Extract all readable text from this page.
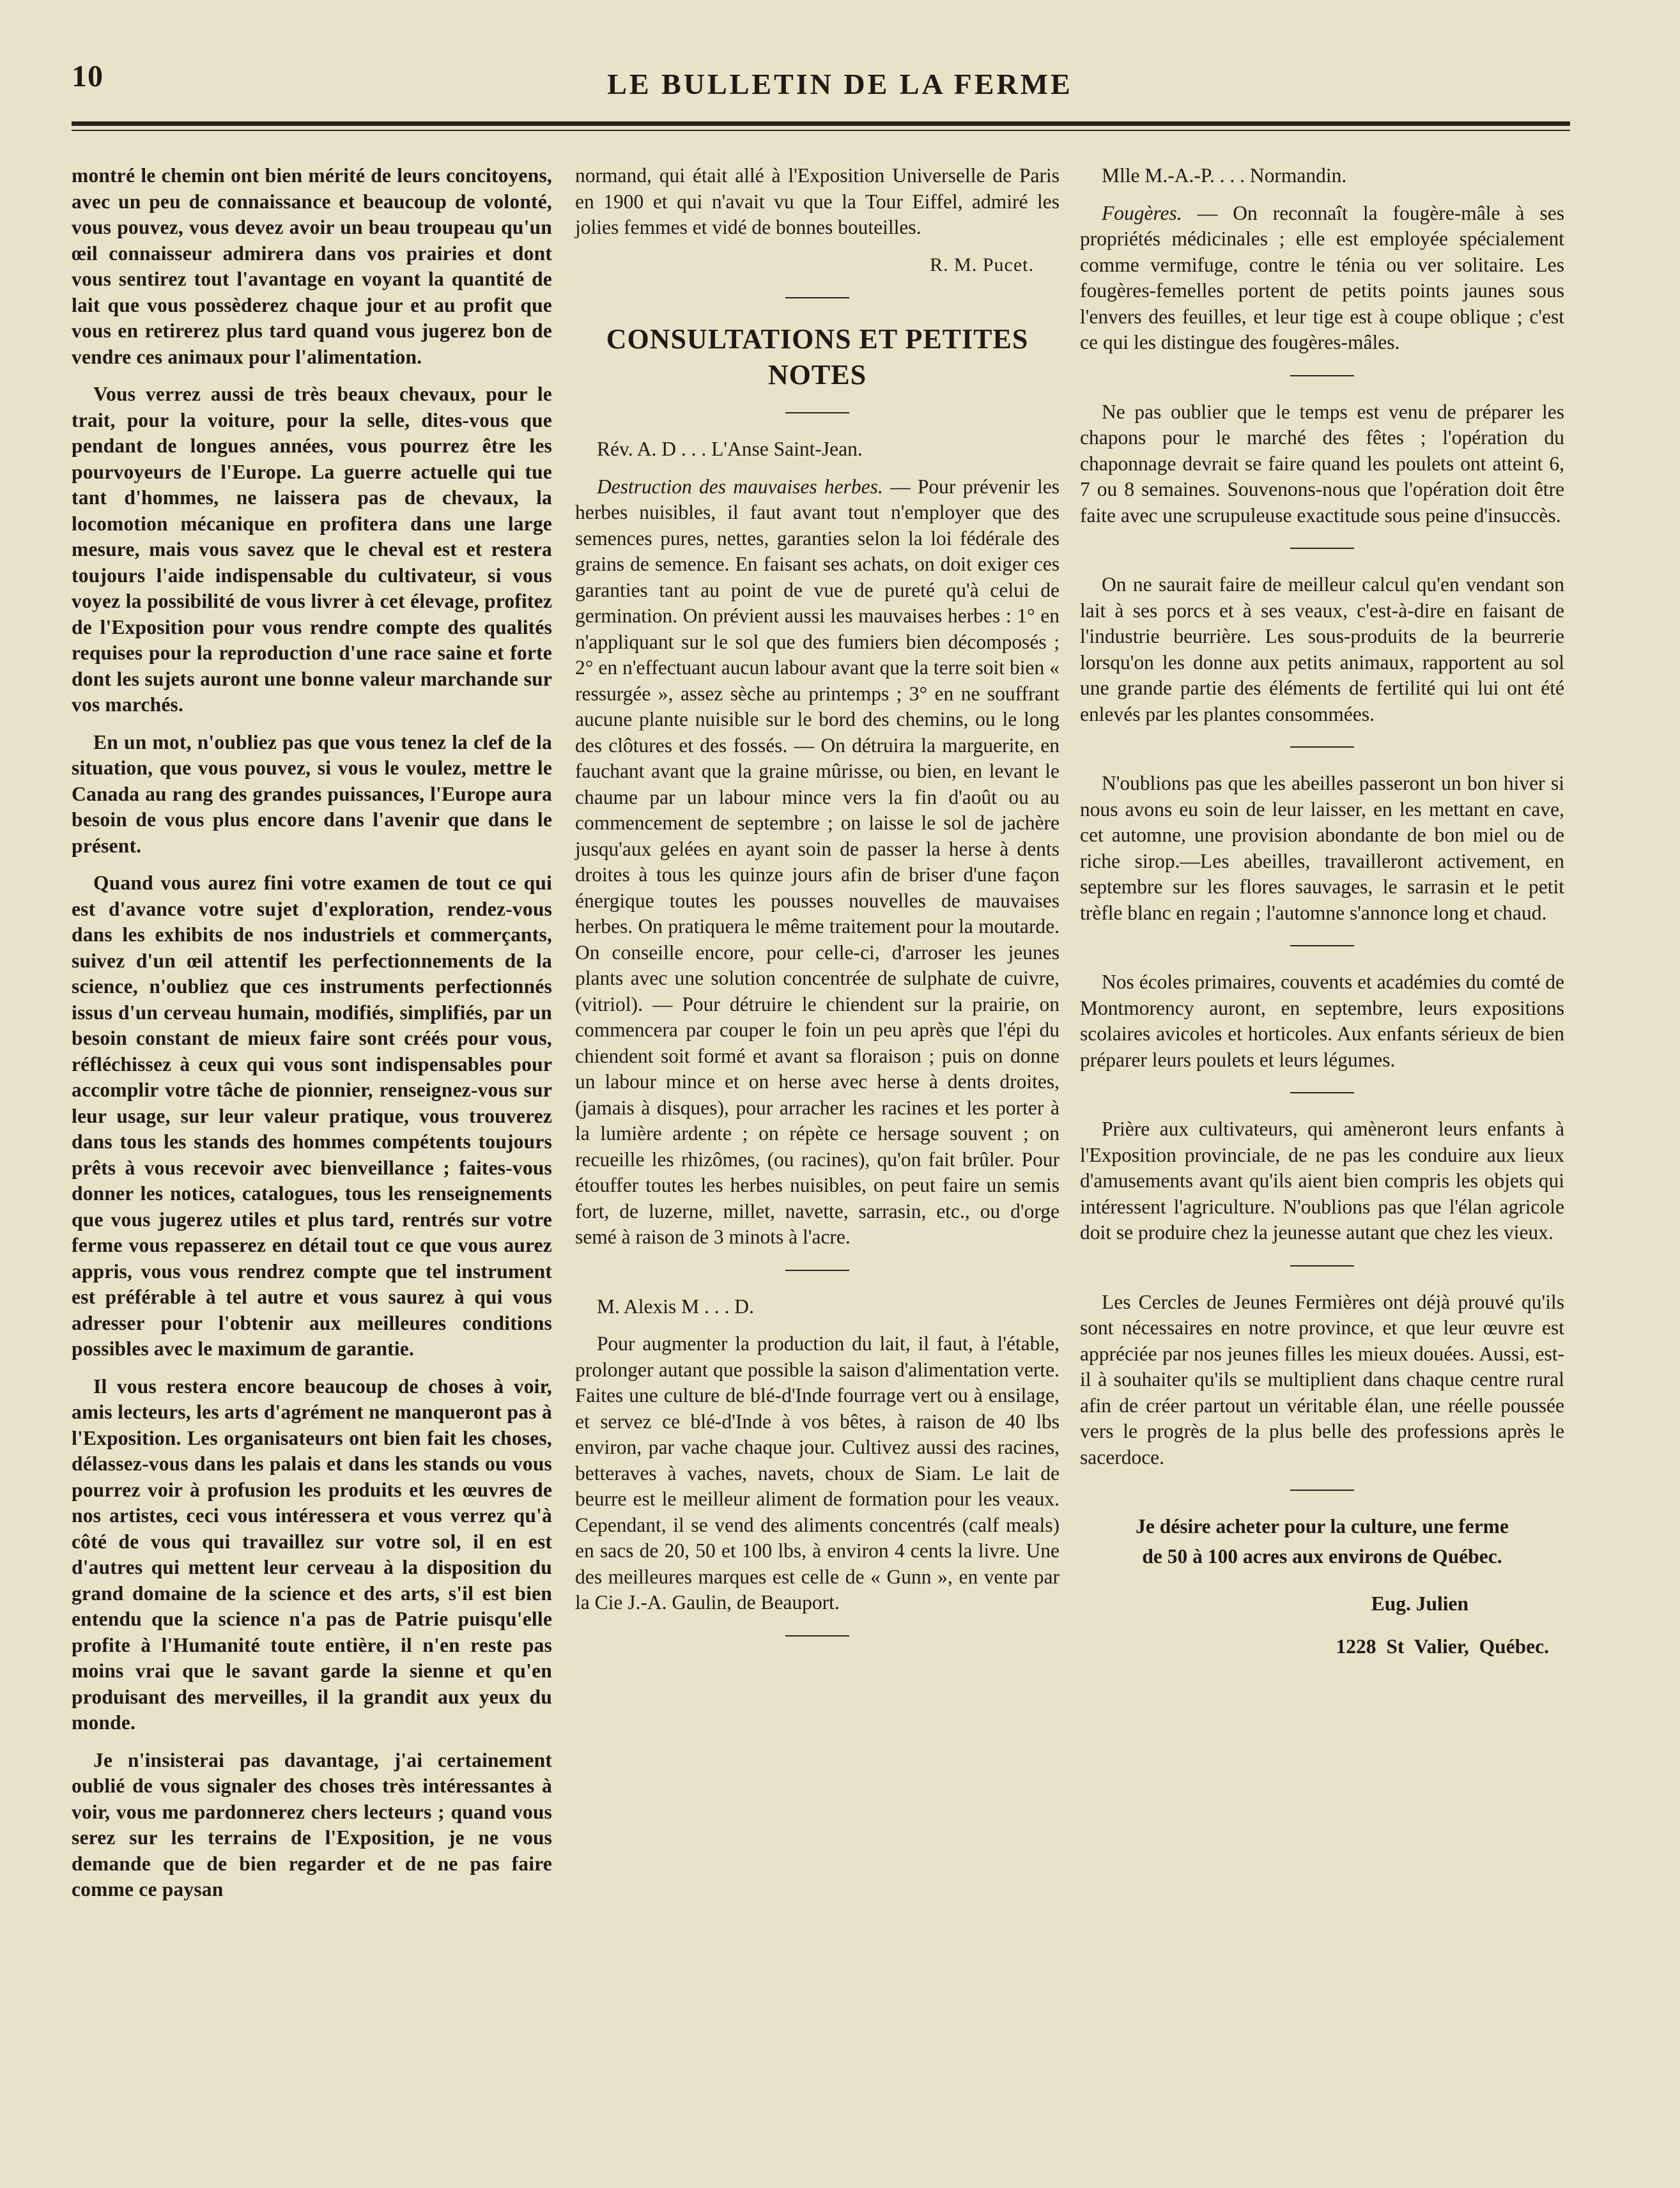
10	LE BULLETIN DE LA FERME

montré le chemin ont bien mérité de leurs concitoyens, avec un peu de connaissance et beaucoup de volonté, vous pouvez, vous devez avoir un beau troupeau qu'un œil connaisseur admirera dans vos prairies et dont vous sentirez tout l'avantage en voyant la quantité de lait que vous possèderez chaque jour et au profit que vous en retirerez plus tard quand vous jugerez bon de vendre ces animaux pour l'alimentation.

Vous verrez aussi de très beaux chevaux, pour le trait, pour la voiture, pour la selle, dites-vous que pendant de longues années, vous pourrez être les pourvoyeurs de l'Europe. La guerre actuelle qui tue tant d'hommes, ne laissera pas de chevaux, la locomotion mécanique en profitera dans une large mesure, mais vous savez que le cheval est et restera toujours l'aide indispensable du cultivateur, si vous voyez la possibilité de vous livrer à cet élevage, profitez de l'Exposition pour vous rendre compte des qualités requises pour la reproduction d'une race saine et forte dont les sujets auront une bonne valeur marchande sur vos marchés.

En un mot, n'oubliez pas que vous tenez la clef de la situation, que vous pouvez, si vous le voulez, mettre le Canada au rang des grandes puissances, l'Europe aura besoin de vous plus encore dans l'avenir que dans le présent.

Quand vous aurez fini votre examen de tout ce qui est d'avance votre sujet d'exploration, rendez-vous dans les exhibits de nos industriels et commerçants, suivez d'un œil attentif les perfectionnements de la science, n'oubliez que ces instruments perfectionnés issus d'un cerveau humain, modifiés, simplifiés, par un besoin constant de mieux faire sont créés pour vous, réfléchissez à ceux qui vous sont indispensables pour accomplir votre tâche de pionnier, renseignez-vous sur leur usage, sur leur valeur pratique, vous trouverez dans tous les stands des hommes compétents toujours prêts à vous recevoir avec bienveillance ; faites-vous donner les notices, catalogues, tous les renseignements que vous jugerez utiles et plus tard, rentrés sur votre ferme vous repasserez en détail tout ce que vous aurez appris, vous vous rendrez compte que tel instrument est préférable à tel autre et vous saurez à qui vous adresser pour l'obtenir aux meilleures conditions possibles avec le maximum de garantie.

Il vous restera encore beaucoup de choses à voir, amis lecteurs, les arts d'agrément ne manqueront pas à l'Exposition. Les organisateurs ont bien fait les choses, délassez-vous dans les palais et dans les stands ou vous pourrez voir à profusion les produits et les œuvres de nos artistes, ceci vous intéressera et vous verrez qu'à côté de vous qui travaillez sur votre sol, il en est d'autres qui mettent leur cerveau à la disposition du grand domaine de la science et des arts, s'il est bien entendu que la science n'a pas de Patrie puisqu'elle profite à l'Humanité toute entière, il n'en reste pas moins vrai que le savant garde la sienne et qu'en produisant des merveilles, il la grandit aux yeux du monde.

Je n'insisterai pas davantage, j'ai certainement oublié de vous signaler des choses très intéressantes à voir, vous me pardonnerez chers lecteurs ; quand vous serez sur les terrains de l'Exposition, je ne vous demande que de bien regarder et de ne pas faire comme ce paysan

normand, qui était allé à l'Exposition Universelle de Paris en 1900 et qui n'avait vu que la Tour Eiffel, admiré les jolies femmes et vidé de bonnes bouteilles.

R. M. Pucet.
CONSULTATIONS ET PETITES NOTES

Rév. A. D . . . L'Anse Saint-Jean.

Destruction des mauvaises herbes. — Pour prévenir les herbes nuisibles, il faut avant tout n'employer que des semences pures, nettes, garanties selon la loi fédérale des grains de semence. En faisant ses achats, on doit exiger ces garanties tant au point de vue de pureté qu'à celui de germination. On prévient aussi les mauvaises herbes : 1° en n'appliquant sur le sol que des fumiers bien décomposés ; 2° en n'effectuant aucun labour avant que la terre soit bien « ressurgée », assez sèche au printemps ; 3° en ne souffrant aucune plante nuisible sur le bord des chemins, ou le long des clôtures et des fossés. — On détruira la marguerite, en fauchant avant que la graine mûrisse, ou bien, en levant le chaume par un labour mince vers la fin d'août ou au commencement de septembre ; on laisse le sol de jachère jusqu'aux gelées en ayant soin de passer la herse à dents droites à tous les quinze jours afin de briser d'une façon énergique toutes les pousses nouvelles de mauvaises herbes. On pratiquera le même traitement pour la moutarde. On conseille encore, pour celle-ci, d'arroser les jeunes plants avec une solution concentrée de sulphate de cuivre, (vitriol). — Pour détruire le chiendent sur la prairie, on commencera par couper le foin un peu après que l'épi du chiendent soit formé et avant sa floraison ; puis on donne un labour mince et on herse avec herse à dents droites, (jamais à disques), pour arracher les racines et les porter à la lumière ardente ; on répète ce hersage souvent ; on recueille les rhizômes, (ou racines), qu'on fait brûler. Pour étouffer toutes les herbes nuisibles, on peut faire un semis fort, de luzerne, millet, navette, sarrasin, etc., ou d'orge semé à raison de 3 minots à l'acre.

M. Alexis M . . . D.

Pour augmenter la production du lait, il faut, à l'étable, prolonger autant que possible la saison d'alimentation verte. Faites une culture de blé-d'Inde fourrage vert ou à ensilage, et servez ce blé-d'Inde à vos bêtes, à raison de 40 lbs environ, par vache chaque jour. Cultivez aussi des racines, betteraves à vaches, navets, choux de Siam. Le lait de beurre est le meilleur aliment de formation pour les veaux. Cependant, il se vend des aliments concentrés (calf meals) en sacs de 20, 50 et 100 lbs, à environ 4 cents la livre. Une des meilleures marques est celle de « Gunn », en vente par la Cie J.-A. Gaulin, de Beauport.

Mlle M.-A.-P. . . . Normandin.

Fougères. — On reconnaît la fougère-mâle à ses propriétés médicinales ; elle est employée spécialement comme vermifuge, contre le ténia ou ver solitaire. Les fougères-femelles portent de petits points jaunes sous l'envers des feuilles, et leur tige est à coupe oblique ; c'est ce qui les distingue des fougères-mâles.

Ne pas oublier que le temps est venu de préparer les chapons pour le marché des fêtes ; l'opération du chaponnage devrait se faire quand les poulets ont atteint 6, 7 ou 8 semaines. Souvenons-nous que l'opération doit être faite avec une scrupuleuse exactitude sous peine d'insuccès.

On ne saurait faire de meilleur calcul qu'en vendant son lait à ses porcs et à ses veaux, c'est-à-dire en faisant de l'industrie beurrière. Les sous-produits de la beurrerie lorsqu'on les donne aux petits animaux, rapportent au sol une grande partie des éléments de fertilité qui lui ont été enlevés par les plantes consommées.

N'oublions pas que les abeilles passeront un bon hiver si nous avons eu soin de leur laisser, en les mettant en cave, cet automne, une provision abondante de bon miel ou de riche sirop.—Les abeilles, travailleront activement, en septembre sur les flores sauvages, le sarrasin et le petit trèfle blanc en regain ; l'automne s'annonce long et chaud.

Nos écoles primaires, couvents et académies du comté de Montmorency auront, en septembre, leurs expositions scolaires avicoles et horticoles. Aux enfants sérieux de bien préparer leurs poulets et leurs légumes.

Prière aux cultivateurs, qui amèneront leurs enfants à l'Exposition provinciale, de ne pas les conduire aux lieux d'amusements avant qu'ils aient bien compris les objets qui intéressent l'agriculture. N'oublions pas que l'élan agricole doit se produire chez la jeunesse autant que chez les vieux.

Les Cercles de Jeunes Fermières ont déjà prouvé qu'ils sont nécessaires en notre province, et que leur œuvre est appréciée par nos jeunes filles les mieux douées. Aussi, est-il à souhaiter qu'ils se multiplient dans chaque centre rural afin de créer partout un véritable élan, une réelle poussée vers le progrès de la plus belle des professions après le sacerdoce.

Je désire acheter pour la culture, une ferme
de 50 à 100 acres aux environs de Québec.
Eug. Julien
1228 St Valier, Québec.
